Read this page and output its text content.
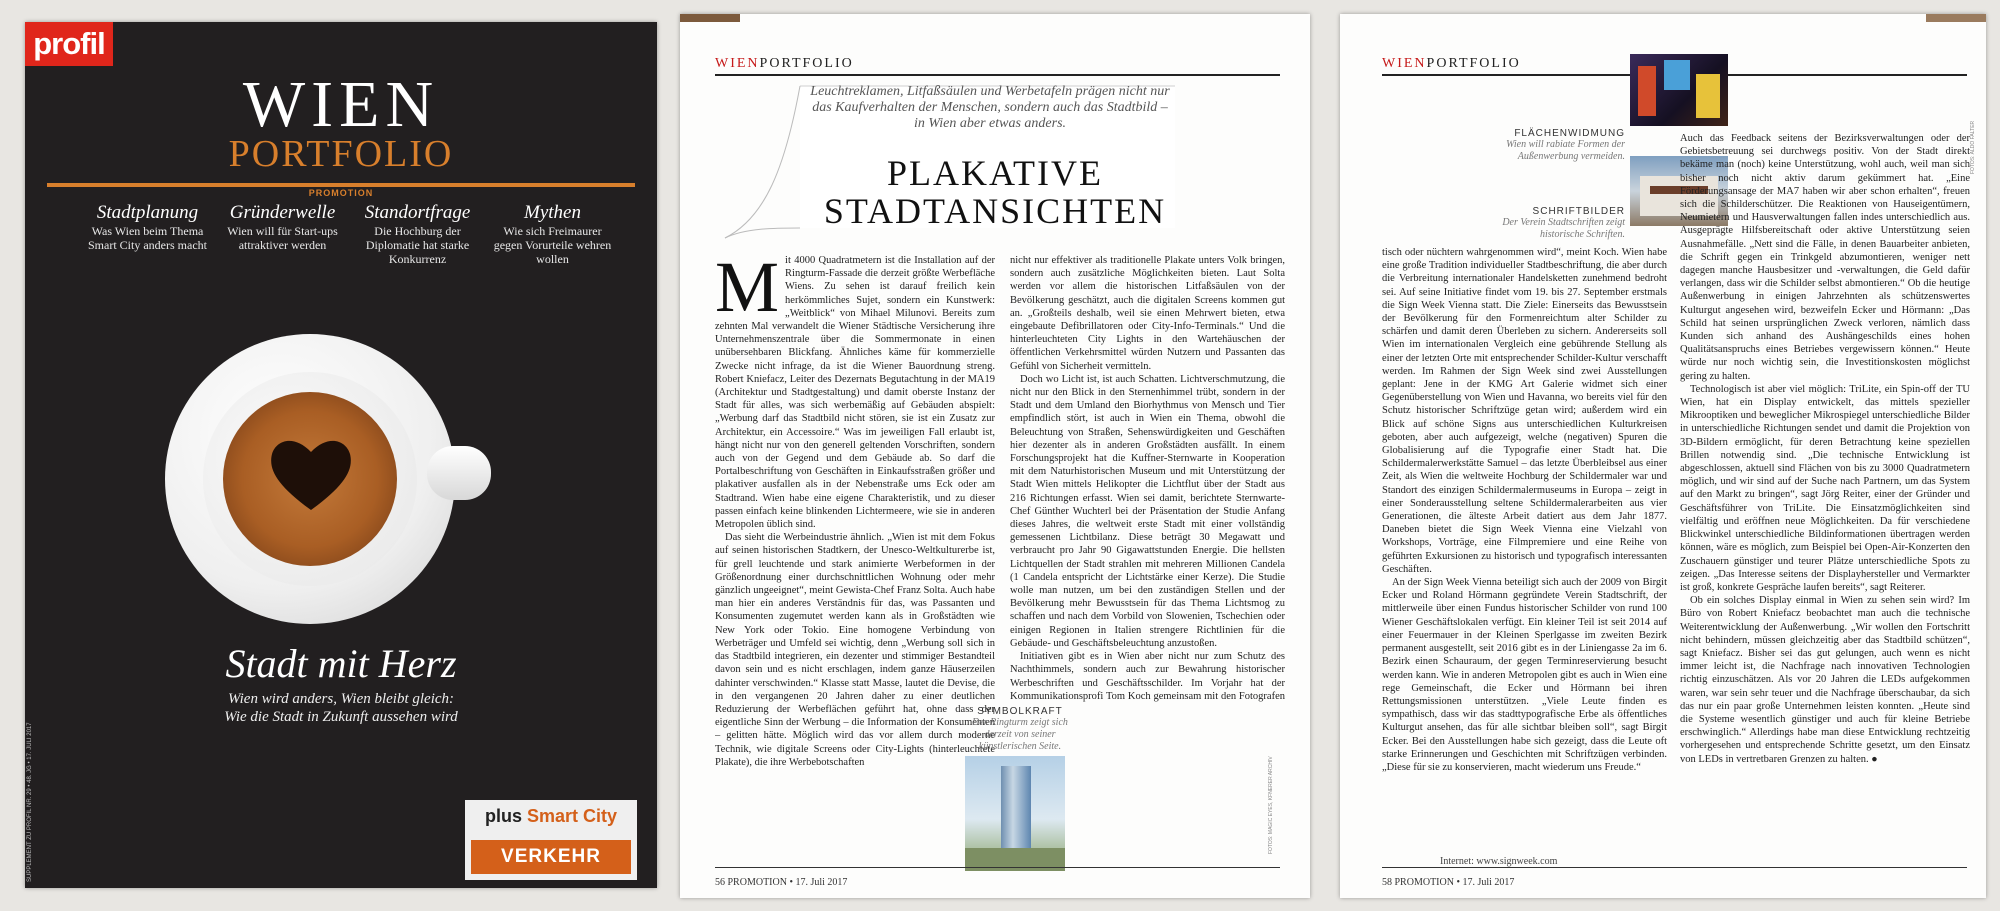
profil
WIEN
PORTFOLIO
PROMOTION
Stadtplanung
Was Wien beim Thema Smart City anders macht
Gründerwelle
Wien will für Start-ups attraktiver werden
Standortfrage
Die Hochburg der Diplomatie hat starke Konkurrenz
Mythen
Wie sich Freimaurer gegen Vorurteile wehren wollen
Stadt mit Herz
Wien wird anders, Wien bleibt gleich:
Wie die Stadt in Zukunft aussehen wird
SUPPLEMENT ZU PROFIL NR. 29 • 48. JG • 17. JULI 2017	plus Smart City
VERKEHR
WIENPORTFOLIO
Leuchtreklamen, Litfaßsäulen und Werbetafeln prägen nicht nur das Kaufverhalten der Menschen, sondern auch das Stadtbild – in Wien aber etwas anders.
PLAKATIVE
STADTANSICHTEN

Mit 4000 Quadratmetern ist die Installation auf der Ringturm-Fassade die derzeit größte Werbefläche Wiens. Zu sehen ist darauf freilich kein herkömmliches Sujet, sondern ein Kunstwerk: „Weitblick“ von Mihael Milunovi. Bereits zum zehnten Mal verwandelt die Wiener Städtische Versicherung ihre Unternehmenszentrale über die Sommermonate in einen unübersehbaren Blickfang. Ähnliches käme für kommerzielle Zwecke nicht infrage, da ist die Wiener Bauordnung streng. Robert Kniefacz, Leiter des Dezernats Begutachtung in der MA19 (Architektur und Stadtgestaltung) und damit oberste Instanz der Stadt für alles, was sich werbemäßig auf Gebäuden abspielt: „Werbung darf das Stadtbild nicht stören, sie ist ein Zusatz zur Architektur, ein Accessoire.“ Was im jeweiligen Fall erlaubt ist, hängt nicht nur von den generell geltenden Vorschriften, sondern auch von der Gegend und dem Gebäude ab. So darf die Portalbeschriftung von Geschäften in Einkaufsstraßen größer und plakativer ausfallen als in der Nebenstraße ums Eck oder am Stadtrand. Wien habe eine eigene Charakteristik, und zu dieser passen einfach keine blinkenden Lichtermeere, wie sie in anderen Metropolen üblich sind.

Das sieht die Werbeindustrie ähnlich. „Wien ist mit dem Fokus auf seinen historischen Stadtkern, der Unesco-Weltkulturerbe ist, für grell leuchtende und stark animierte Werbeformen in der Größenordnung einer durchschnittlichen Wohnung oder mehr gänzlich ungeeignet“, meint Gewista-Chef Franz Solta. Auch habe man hier ein anderes Verständnis für das, was Passanten und Konsumenten zugemutet werden kann als in Großstädten wie New York oder Tokio. Eine homogene Verbindung von Werbeträger und Umfeld sei wichtig, denn „Werbung soll sich in das Stadtbild integrieren, ein dezenter und stimmiger Bestandteil davon sein und es nicht erschlagen, indem ganze Häuserzeilen dahinter verschwinden.“ Klasse statt Masse, lautet die Devise, die in den vergangenen 20 Jahren daher zu einer deutlichen Reduzierung der Werbeflächen geführt hat, ohne dass der eigentliche Sinn der Werbung – die Information der Konsumenten – gelitten hätte. Möglich wird das vor allem durch moderne Technik, wie digitale Screens oder City-Lights (hinterleuchtete Plakate), die ihre Werbebotschaften

nicht nur effektiver als traditionelle Plakate unters Volk bringen, sondern auch zusätzliche Möglichkeiten bieten. Laut Solta werden vor allem die historischen Litfaßsäulen von der Bevölkerung geschätzt, auch die digitalen Screens kommen gut an. „Großteils deshalb, weil sie einen Mehrwert bieten, etwa eingebaute Defibrillatoren oder City-Info-Terminals.“ Und die hinterleuchteten City Lights in den Wartehäuschen der öffentlichen Verkehrsmittel würden Nutzern und Passanten das Gefühl von Sicherheit vermitteln.

Doch wo Licht ist, ist auch Schatten. Lichtverschmutzung, die nicht nur den Blick in den Sternenhimmel trübt, sondern in der Stadt und dem Umland den Biorhythmus von Mensch und Tier empfindlich stört, ist auch in Wien ein Thema, obwohl die Beleuchtung von Straßen, Sehenswürdigkeiten und Geschäften hier dezenter als in anderen Großstädten ausfällt. In einem Forschungsprojekt hat die Kuffner-Sternwarte in Kooperation mit dem Naturhistorischen Museum und mit Unterstützung der Stadt Wien mittels Helikopter die Lichtflut über der Stadt aus 216 Richtungen erfasst. Wien sei damit, berichtete Sternwarte-Chef Günther Wuchterl bei der Präsentation der Studie Anfang dieses Jahres, die weltweit erste Stadt mit einer vollständig gemessenen Lichtbilanz. Diese beträgt 30 Megawatt und verbraucht pro Jahr 90 Gigawattstunden Energie. Die hellsten Lichtquellen der Stadt strahlen mit mehreren Millionen Candela (1 Candela entspricht der Lichtstärke einer Kerze). Die Studie wolle man nutzen, um bei den zuständigen Stellen und der Bevölkerung mehr Bewusstsein für das Thema Lichtsmog zu schaffen und nach dem Vorbild von Slowenien, Tschechien oder einigen Regionen in Italien strengere Richtlinien für die Gebäude- und Geschäftsbeleuchtung anzustoßen.

Initiativen gibt es in Wien aber nicht nur zum Schutz des Nachthimmels, sondern auch zur Bewahrung historischer Werbeschriften und Geschäftsschilder. Im Vorjahr hat der Kommunikationsprofi Tom Koch gemeinsam mit den Fotografen

SYMBOLKRAFT
Der Ringturm zeigt sich derzeit von seiner künstlerischen Seite.
FOTOS: MAGIC EYES, KFNERER ARCHIV
56 PROMOTION • 17. Juli 2017
WIENPORTFOLIO
FLÄCHENWIDMUNG
Wien will rabiate Formen der Außenwerbung vermeiden.
SCHRIFTBILDER
Der Verein Stadtschriften zeigt historische Schriften.
FOTOS: ALDO FALTER

tisch oder nüchtern wahrgenommen wird“, meint Koch. Wien habe eine große Tradition individueller Stadtbeschriftung, die aber durch die Verbreitung internationaler Handelsketten zunehmend bedroht sei. Auf seine Initiative findet vom 19. bis 27. September erstmals die Sign Week Vienna statt. Die Ziele: Einerseits das Bewusstsein der Bevölkerung für den Formenreichtum alter Schilder zu schärfen und damit deren Überleben zu sichern. Andererseits soll Wien im internationalen Vergleich eine gebührende Stellung als einer der letzten Orte mit entsprechender Schilder-Kultur verschafft werden. Im Rahmen der Sign Week sind zwei Ausstellungen geplant: Jene in der KMG Art Galerie widmet sich einer Gegenüberstellung von Wien und Havanna, wo bereits viel für den Schutz historischer Schriftzüge getan wird; außerdem wird ein Blick auf schöne Signs aus unterschiedlichen Kulturkreisen geboten, aber auch aufgezeigt, welche (negativen) Spuren die Globalisierung auf die Typografie einer Stadt hat. Die Schildermalerwerkstätte Samuel – das letzte Überbleibsel aus einer Zeit, als Wien die weltweite Hochburg der Schildermaler war und Standort des einzigen Schildermalermuseums in Europa – zeigt in einer Sonderausstellung seltene Schildermalerarbeiten aus vier Generationen, die älteste Arbeit datiert aus dem Jahr 1877. Daneben bietet die Sign Week Vienna eine Vielzahl von Workshops, Vorträge, eine Filmpremiere und eine Reihe von geführten Exkursionen zu historisch und typografisch interessanten Geschäften.

An der Sign Week Vienna beteiligt sich auch der 2009 von Birgit Ecker und Roland Hörmann gegründete Verein Stadtschrift, der mittlerweile über einen Fundus historischer Schilder von rund 100 Wiener Geschäftslokalen verfügt. Ein kleiner Teil ist seit 2014 auf einer Feuermauer in der Kleinen Sperlgasse im zweiten Bezirk permanent ausgestellt, seit 2016 gibt es in der Liniengasse 2a im 6. Bezirk einen Schauraum, der gegen Terminreservierung besucht werden kann. Wie in anderen Metropolen gibt es auch in Wien eine rege Gemeinschaft, die Ecker und Hörmann bei ihren Rettungsmissionen unterstützen. „Viele Leute finden es sympathisch, dass wir das stadttypografische Erbe als öffentliches Kulturgut ansehen, das für alle sichtbar bleiben soll“, sagt Birgit Ecker. Bei den Ausstellungen habe sich gezeigt, dass die Leute oft starke Erinnerungen und Geschichten mit Schriftzügen verbinden. „Diese für sie zu konservieren, macht wiederum uns Freude.“

Auch das Feedback seitens der Bezirksverwaltungen oder der Gebietsbetreuung sei durchwegs positiv. Von der Stadt direkt bekäme man (noch) keine Unterstützung, wohl auch, weil man sich bisher noch nicht aktiv darum gekümmert hat. „Eine Förderungsansage der MA7 haben wir aber schon erhalten“, freuen sich die Schilderschützer. Die Reaktionen von Hauseigentümern, Neumietern und Hausverwaltungen fallen indes unterschiedlich aus. Ausgeprägte Hilfsbereitschaft oder aktive Unterstützung seien Ausnahmefälle. „Nett sind die Fälle, in denen Bauarbeiter anbieten, die Schrift gegen ein Trinkgeld abzumontieren, weniger nett dagegen manche Hausbesitzer und -verwaltungen, die Geld dafür verlangen, dass wir die Schilder selbst abmontieren.“ Ob die heutige Außenwerbung in einigen Jahrzehnten als schützenswertes Kulturgut angesehen wird, bezweifeln Ecker und Hörmann: „Das Schild hat seinen ursprünglichen Zweck verloren, nämlich dass Kunden sich anhand des Aushängeschilds eines hohen Qualitätsanspruchs eines Betriebes vergewissern können.“ Heute würde nur noch wichtig sein, die Investitionskosten möglichst gering zu halten.

Technologisch ist aber viel möglich: TriLite, ein Spin-off der TU Wien, hat ein Display entwickelt, das mittels spezieller Mikrooptiken und beweglicher Mikrospiegel unterschiedliche Bilder in unterschiedliche Richtungen sendet und damit die Projektion von 3D-Bildern ermöglicht, für deren Betrachtung keine speziellen Brillen notwendig sind. „Die technische Entwicklung ist abgeschlossen, aktuell sind Flächen von bis zu 3000 Quadratmetern möglich, und wir sind auf der Suche nach Partnern, um das System auf den Markt zu bringen“, sagt Jörg Reiter, einer der Gründer und Geschäftsführer von TriLite. Die Einsatzmöglichkeiten sind vielfältig und eröffnen neue Möglichkeiten. Da für verschiedene Blickwinkel unterschiedliche Bildinformationen übertragen werden können, wäre es möglich, zum Beispiel bei Open-Air-Konzerten den Zuschauern günstiger und teurer Plätze unterschiedliche Spots zu zeigen. „Das Interesse seitens der Displayhersteller und Vermarkter ist groß, konkrete Gespräche laufen bereits“, sagt Reiterer.

Ob ein solches Display einmal in Wien zu sehen sein wird? Im Büro von Robert Kniefacz beobachtet man auch die technische Weiterentwicklung der Außenwerbung. „Wir wollen den Fortschritt nicht behindern, müssen gleichzeitig aber das Stadtbild schützen“, sagt Kniefacz. Bisher sei das gut gelungen, auch wenn es nicht immer leicht ist, die Nachfrage nach innovativen Technologien richtig einzuschätzen. Als vor 20 Jahren die LEDs aufgekommen waren, war sein sehr teuer und die Nachfrage überschaubar, da sich das nur ein paar große Unternehmen leisten konnten. „Heute sind die Systeme wesentlich günstiger und auch für kleine Betriebe erschwinglich.“ Allerdings habe man diese Entwicklung rechtzeitig vorhergesehen und entsprechende Schritte gesetzt, um den Einsatz von LEDs in vertretbaren Grenzen zu halten. ●

Internet: www.signweek.com
58 PROMOTION • 17. Juli 2017
